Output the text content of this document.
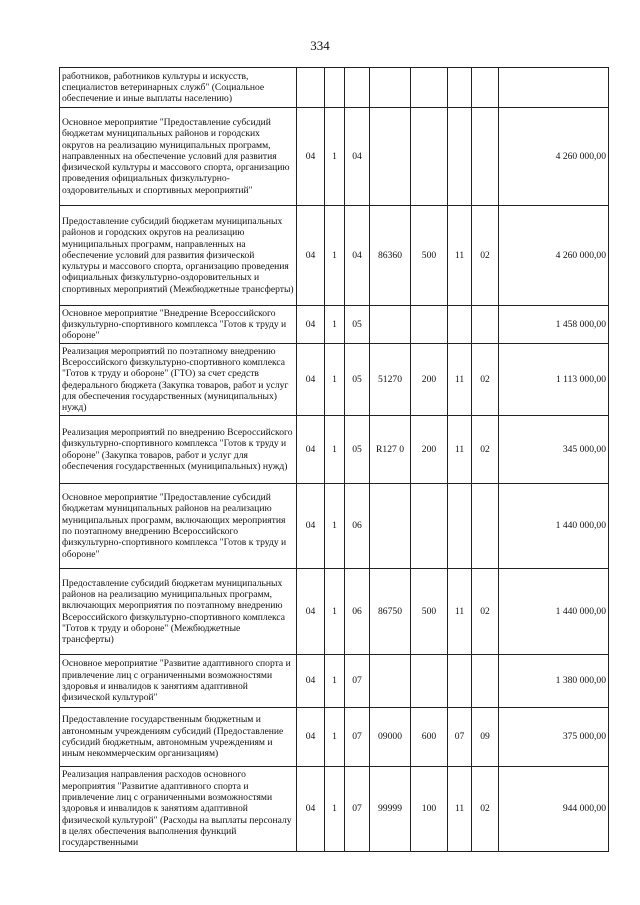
334
работников, работников культуры и искусств, специалистов ветеринарных служб" (Социальное обеспечение и иные выплаты населению)								
Основное мероприятие "Предоставление субсидий бюджетам муниципальных районов и городских округов на реализацию муниципальных программ, направленных на обеспечение условий для развития физической культуры и массового спорта, организацию проведения официальных физкультурно-оздоровительных и спортивных мероприятий"	04	1	04					4 260 000,00
Предоставление субсидий бюджетам муниципальных районов и городских округов на реализацию муниципальных программ, направленных на обеспечение условий для развития физической культуры и массового спорта, организацию проведения официальных физкультурно-оздоровительных и спортивных мероприятий (Межбюджетные трансферты)	04	1	04	86360	500	11	02	4 260 000,00
Основное мероприятие "Внедрение Всероссийского физкультурно-спортивного комплекса "Готов к труду и обороне"	04	1	05					1 458 000,00
Реализация мероприятий по поэтапному внедрению Всероссийского физкультурно-спортивного комплекса "Готов к труду и обороне" (ГТО) за счет средств федерального бюджета (Закупка товаров, работ и услуг для обеспечения государственных (муниципальных) нужд)	04	1	05	51270	200	11	02	1 113 000,00
Реализация мероприятий по внедрению Всероссийского физкультурно-спортивного комплекса "Готов к труду и обороне" (Закупка товаров, работ и услуг для обеспечения государственных (муниципальных) нужд)	04	1	05	R127 0	200	11	02	345 000,00
Основное мероприятие "Предоставление субсидий бюджетам муниципальных районов на реализацию муниципальных программ, включающих мероприятия по поэтапному внедрению Всероссийского физкультурно-спортивного комплекса "Готов к труду и обороне"	04	1	06					1 440 000,00
Предоставление субсидий бюджетам муниципальных районов на реализацию муниципальных программ, включающих мероприятия по поэтапному внедрению Всероссийского физкультурно-спортивного комплекса "Готов к труду и обороне" (Межбюджетные трансферты)	04	1	06	86750	500	11	02	1 440 000,00
Основное мероприятие "Развитие адаптивного спорта и привлечение лиц с ограниченными возможностями здоровья и инвалидов к занятиям адаптивной физической культурой"	04	1	07					1 380 000,00
Предоставление государственным бюджетным и автономным учреждениям субсидий (Предоставление субсидий бюджетным, автономным учреждениям и иным некоммерческим организациям)	04	1	07	09000	600	07	09	375 000,00
Реализация направления расходов основного мероприятия "Развитие адаптивного спорта и привлечение лиц с ограниченными возможностями здоровья и инвалидов к занятиям адаптивной физической культурой" (Расходы на выплаты персоналу в целях обеспечения выполнения функций государственными	04	1	07	99999	100	11	02	944 000,00
